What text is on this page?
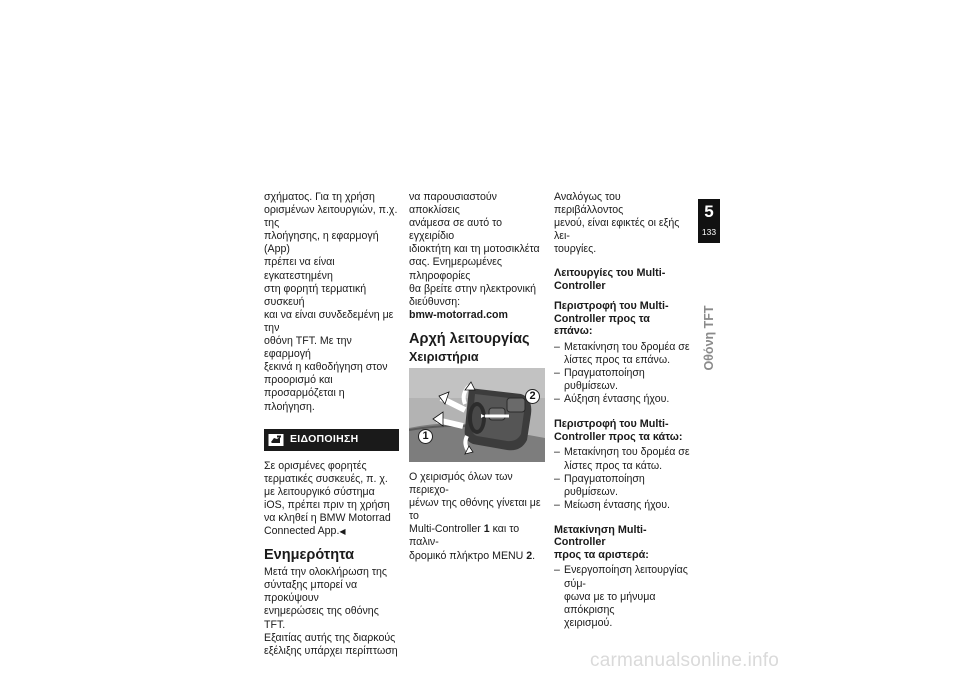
σχήματος. Για τη χρήση

ορισμένων λειτουργιών, π.χ. της

πλοήγησης, η εφαρμογή (App)

πρέπει να είναι εγκατεστημένη

στη φορητή τερματική συσκευή

και να είναι συνδεδεμένη με την

οθόνη TFT. Με την εφαρμογή

ξεκινά η καθοδήγηση στον

προορισμό και προσαρμόζεται η

πλοήγηση.

ΕΙΔΟΠΟΙΗΣΗ

Σε ορισμένες φορητές

τερματικές συσκευές, π. χ.

με λειτουργικό σύστημα

iOS, πρέπει πριν τη χρήση

να κληθεί η BMW Motorrad

Connected App.◀

Ενημερότητα

Μετά την ολοκλήρωση της

σύνταξης μπορεί να προκύψουν

ενημερώσεις της οθόνης TFT.

Εξαιτίας αυτής της διαρκούς

εξέλιξης υπάρχει περίπτωση

να παρουσιαστούν αποκλίσεις

ανάμεσα σε αυτό το εγχειρίδιο

ιδιοκτήτη και τη μοτοσικλέτα

σας. Ενημερωμένες πληροφορίες

θα βρείτε στην ηλεκτρονική

διεύθυνση:

bmw-motorrad.com

Αρχή λειτουργίας
Χειριστήρια
1
2

Ο χειρισμός όλων των περιεχο-

μένων της οθόνης γίνεται με το

Multi-Controller 1 και το παλιν-

δρομικό πλήκτρο MENU 2.

Αναλόγως του περιβάλλοντος

μενού, είναι εφικτές οι εξής λει-

τουργίες.

Λειτουργίες του Multi-
Controller
Περιστροφή του Multi-
Controller προς τα επάνω:
– Μετακίνηση του δρομέα σε
λίστες προς τα επάνω.
– Πραγματοποίηση ρυθμίσεων.
– Αύξηση έντασης ήχου.
Περιστροφή του Multi-
Controller προς τα κάτω:
– Μετακίνηση του δρομέα σε
λίστες προς τα κάτω.
– Πραγματοποίηση ρυθμίσεων.
– Μείωση έντασης ήχου.
Μετακίνηση Multi-Controller
προς τα αριστερά:
– Ενεργοποίηση λειτουργίας σύμ-
φωνα με το μήνυμα απόκρισης
χειρισμού.
5
133
Οθόνη TFT
carmanualsonline.info
